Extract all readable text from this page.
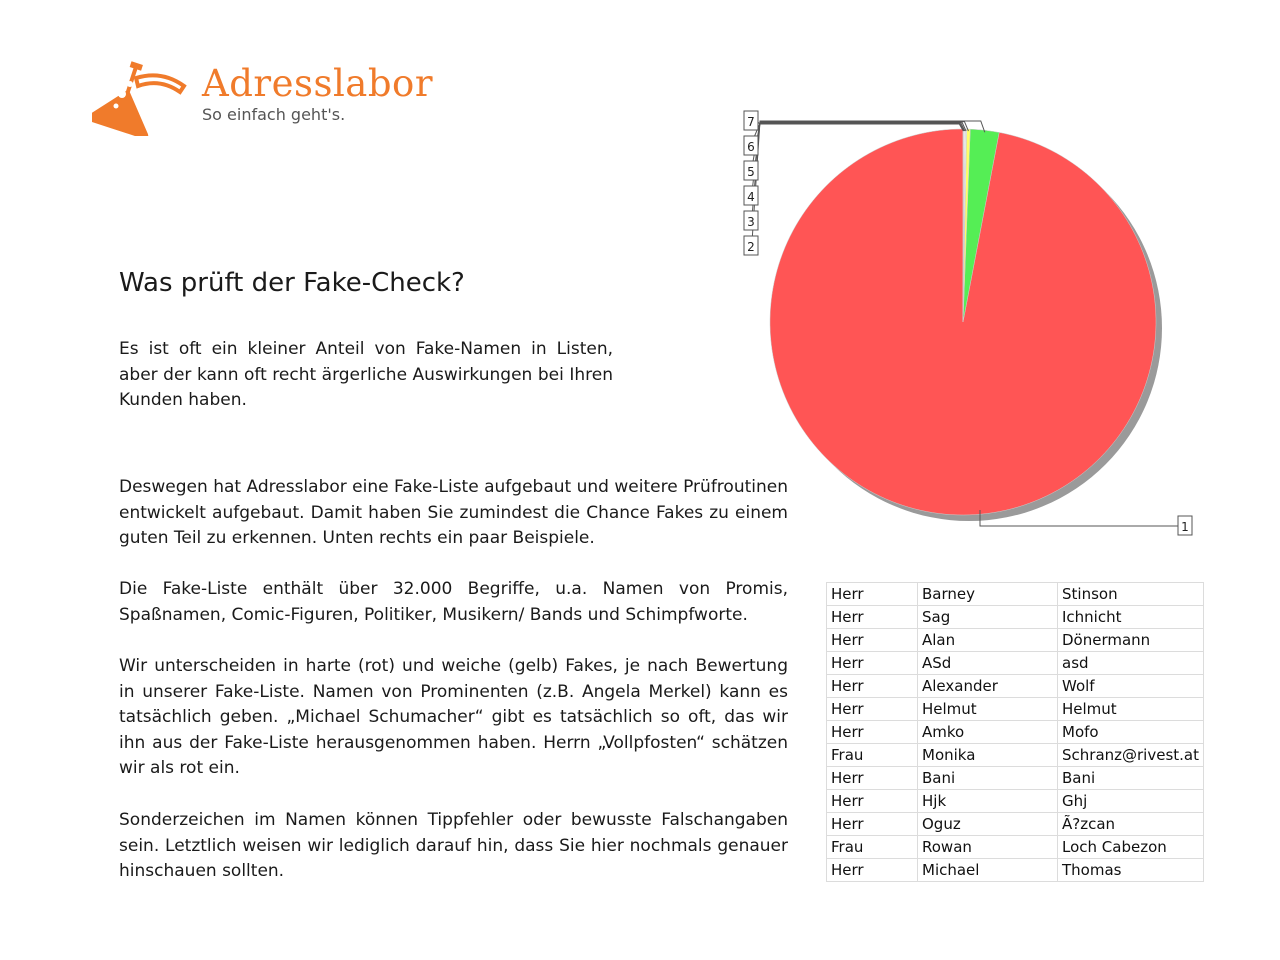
Adresslabor
So einfach geht's.
Was prüft der Fake-Check?
Es ist oft ein kleiner Anteil von Fake-Namen in Listen, aber der kann oft recht ärgerliche Auswirkungen bei Ihren Kunden haben.
Deswegen hat Adresslabor eine Fake-Liste aufgebaut und weitere Prüfroutinen entwickelt aufgebaut. Damit haben Sie zumindest die Chance Fakes zu einem guten Teil zu erkennen. Unten rechts ein paar Beispiele.
Die Fake-Liste enthält über 32.000 Begriffe, u.a. Namen von Promis, Spaßnamen, Comic-Figuren, Politiker, Musikern/ Bands und Schimpfworte.
Wir unterscheiden in harte (rot) und weiche (gelb) Fakes, je nach Bewertung in unserer Fake-Liste. Namen von Prominenten (z.B. Angela Merkel) kann es tatsächlich geben. „Michael Schumacher“ gibt es tatsächlich so oft, das wir ihn aus der Fake-Liste herausgenommen haben. Herrn „Vollpfosten“ schätzen wir als rot ein.
Sonderzeichen im Namen können Tippfehler oder bewusste Falschangaben sein. Letztlich weisen wir lediglich darauf hin, dass Sie hier nochmals genauer hinschauen sollten.
1
2
3
4
5
6
7
Herr	Barney	Stinson
Herr	Sag	Ichnicht
Herr	Alan	Dönermann
Herr	ASd	asd
Herr	Alexander	Wolf
Herr	Helmut	Helmut
Herr	Amko	Mofo
Frau	Monika	Schranz@rivest.at
Herr	Bani	Bani
Herr	Hjk	Ghj
Herr	Oguz	Ã?zcan
Frau	Rowan	Loch Cabezon
Herr	Michael	Thomas
